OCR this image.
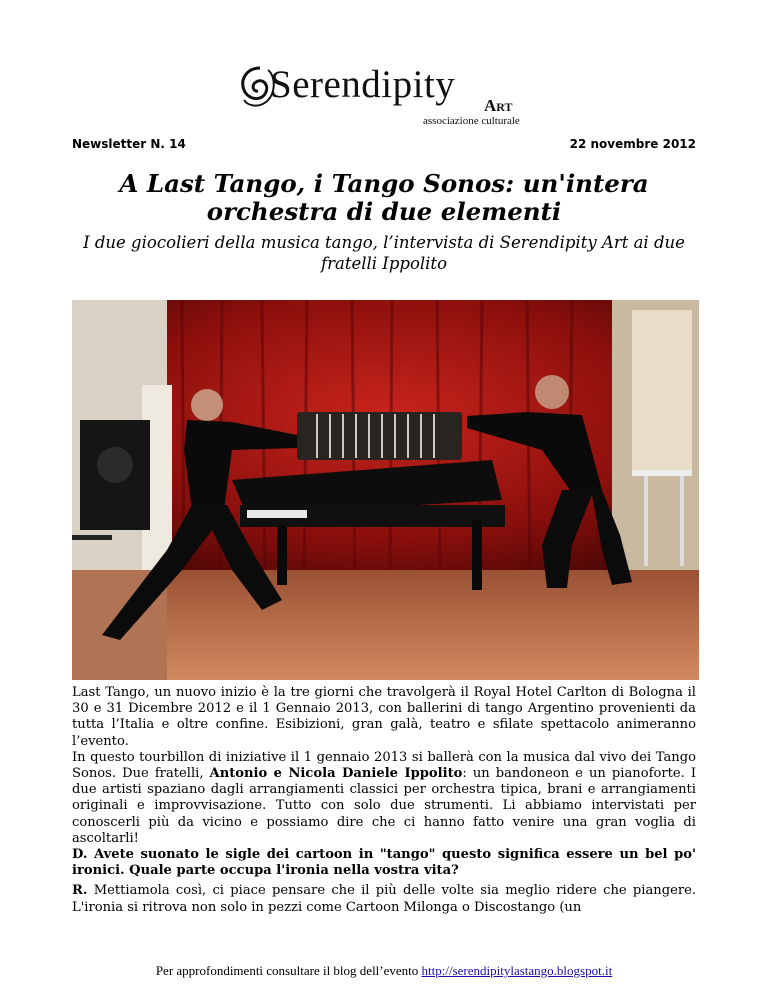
Serendipity Art
associazione culturale
Newsletter N. 14	22 novembre 2012
A Last Tango, i Tango Sonos: un'intera orchestra di due elementi
I due giocolieri della musica tango, l’intervista di Serendipity Art ai due fratelli Ippolito

Last Tango, un nuovo inizio è la tre giorni che travolgerà il Royal Hotel Carlton di Bologna il 30 e 31 Dicembre 2012 e il 1 Gennaio 2013, con ballerini di tango Argentino provenienti da tutta l’Italia e oltre confine. Esibizioni, gran galà, teatro e sfilate spettacolo animeranno l’evento.

In questo tourbillon di iniziative il 1 gennaio 2013 si ballerà con la musica dal vivo dei Tango Sonos. Due fratelli, Antonio e Nicola Daniele Ippolito: un bandoneon e un pianoforte. I due artisti spaziano dagli arrangiamenti classici per orchestra tipica, brani e arrangiamenti originali e improvvisazione. Tutto con solo due strumenti. Li abbiamo intervistati per conoscerli più da vicino e possiamo dire che ci hanno fatto venire una gran voglia di ascoltarli!

D. Avete suonato le sigle dei cartoon in "tango" questo significa essere un bel po' ironici. Quale parte occupa l'ironia nella vostra vita?

R. Mettiamola così, ci piace pensare che il più delle volte sia meglio ridere che piangere. L'ironia si ritrova non solo in pezzi come Cartoon Milonga o Discostango (un

Per approfondimenti consultare il blog dell’evento http://serendipitylastango.blogspot.it
